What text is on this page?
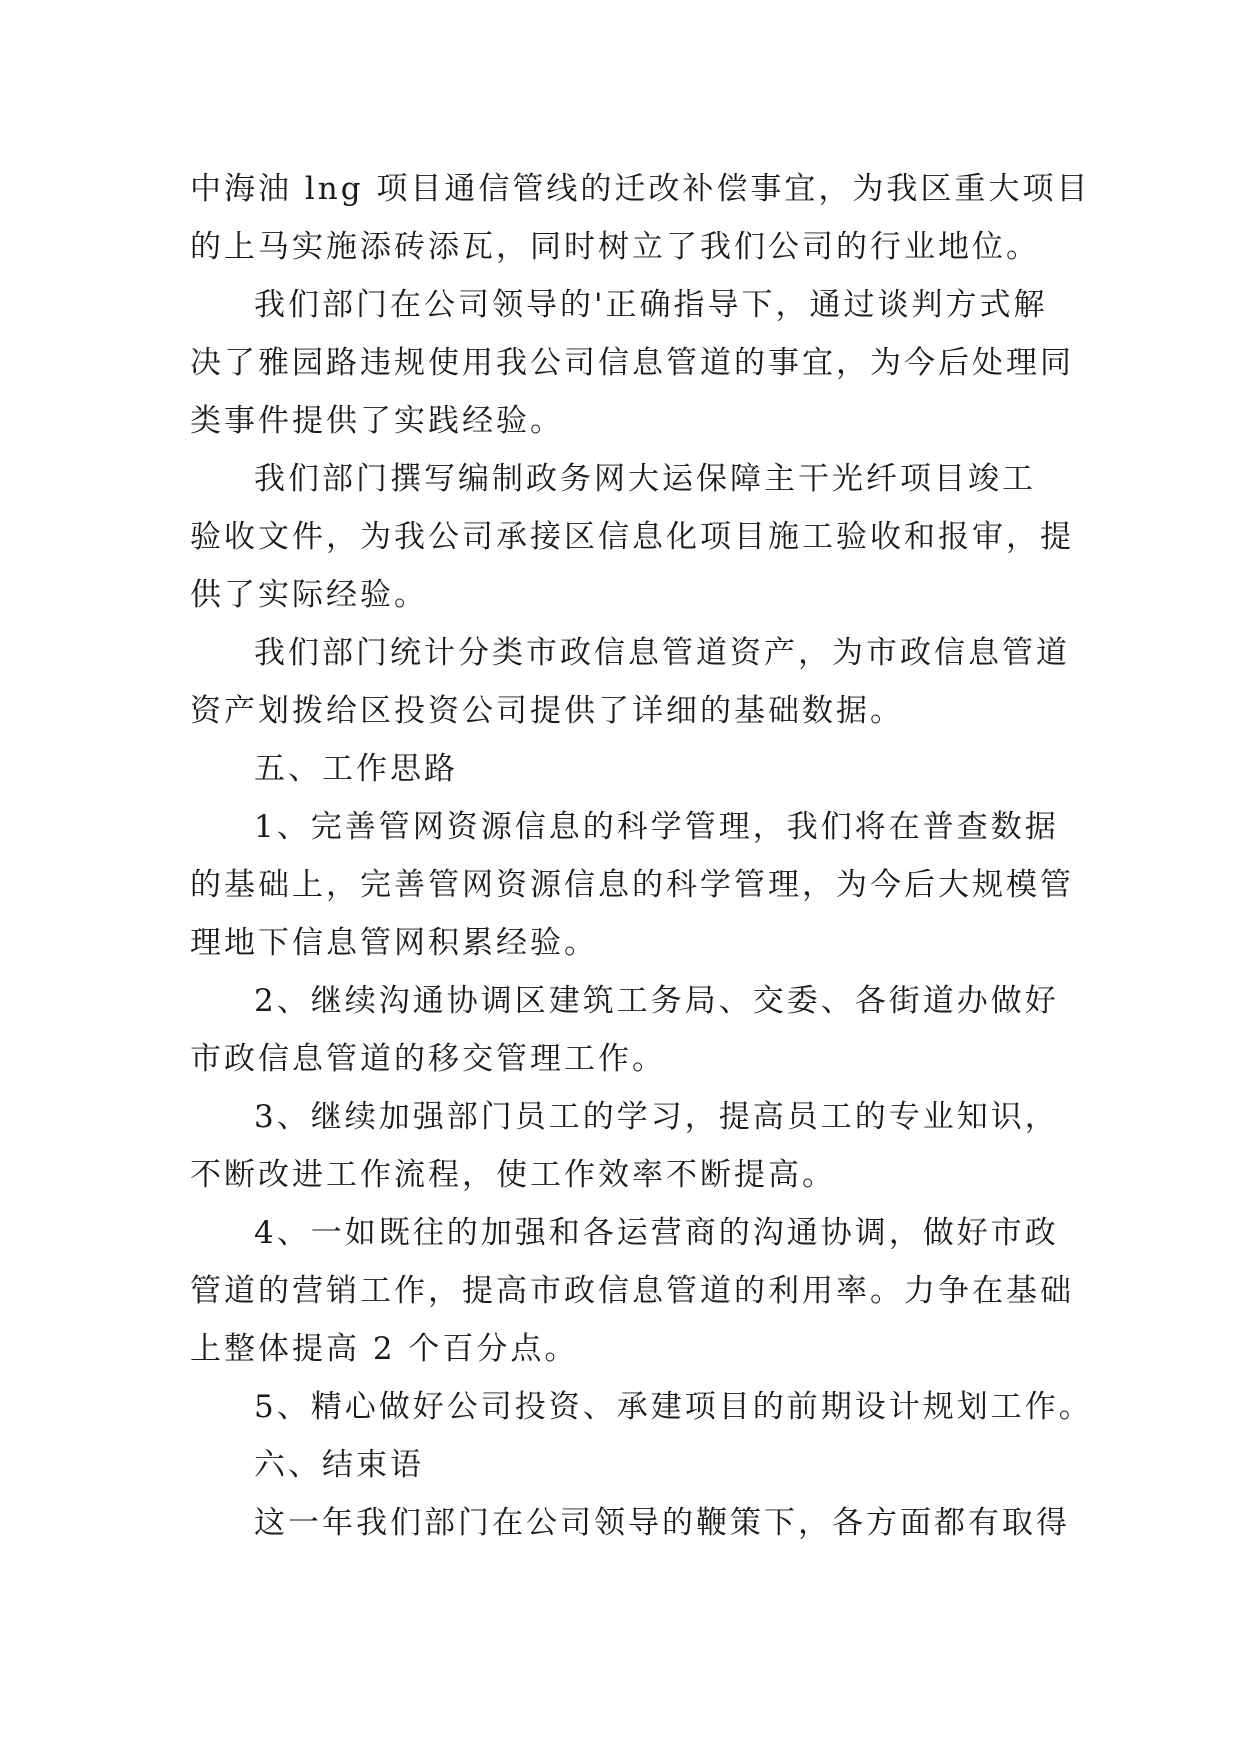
中海油 lng 项目通信管线的迁改补偿事宜，为我区重大项目
的上马实施添砖添瓦，同时树立了我们公司的行业地位。
我们部门在公司领导的'正确指导下，通过谈判方式解
决了雅园路违规使用我公司信息管道的事宜，为今后处理同
类事件提供了实践经验。
我们部门撰写编制政务网大运保障主干光纤项目竣工
验收文件，为我公司承接区信息化项目施工验收和报审，提
供了实际经验。
我们部门统计分类市政信息管道资产，为市政信息管道
资产划拨给区投资公司提供了详细的基础数据。
五、工作思路
1、完善管网资源信息的科学管理，我们将在普查数据
的基础上，完善管网资源信息的科学管理，为今后大规模管
理地下信息管网积累经验。
2、继续沟通协调区建筑工务局、交委、各街道办做好
市政信息管道的移交管理工作。
3、继续加强部门员工的学习，提高员工的专业知识，
不断改进工作流程，使工作效率不断提高。
4、一如既往的加强和各运营商的沟通协调，做好市政
管道的营销工作，提高市政信息管道的利用率。力争在基础
上整体提高 2 个百分点。
5、精心做好公司投资、承建项目的前期设计规划工作。
六、结束语
这一年我们部门在公司领导的鞭策下，各方面都有取得
